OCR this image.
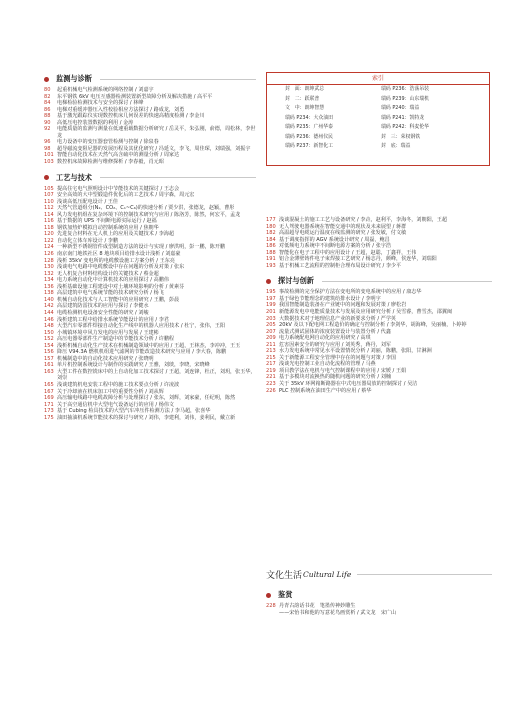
监测与诊断
80	起重机械电气检测系统的网络控制 / 刘嘉宇
82	东平钢铁 6kV 电压互感器检测装置新型故障分析及解决措施 / 高平平
84	电梯检验检测技术与安全的探讨 / 林峰
86	电梯对重缓冲器压入性校验相应方法探讨 / 路成龙，刘勇
88	基于激光跟踪仪实现数控机床几何误差的快速高精度检测 / 李金川
90	高低压电控装置数据的利用 / 金涛
92	电能质量的监测与测量在低速重载数据分析研究 / 岳灵平，朱弘刚，俞德，周松林，李世龙
96	电力设备中的变压器套管检测与控制 / 徐泉春
98	超导磁流变阻尼器的发展历程及其优化研究 / 冯延文，李飞，周佳琛，刘瑞强，刘振宇
101 智能自动化技术在天然气高含硫中的测量分析 / 周家达
103 数控机床故障检测与维修探析 / 李春毅，肖元昭
工艺与技术
105 提高住宅电气照明设计中节能技术的关键探讨 / 王志会
107 安全高效的大中型锻造件优化后的工艺技术 / 周宇森，周元宏
110 浅谈高低压配电设计 / 王佳
112 天然气管道组分(N₂、CO₂、C₁~C₆)的快速分析 / 贾少洪，张德龙，赵颖，曹彤
114 风力发电机组在复杂环境下的控制技术研究与应用 / 陈洛芳，陈然，何宏平，孟龙
116 基于数据的 UPS 不间断电源实际运行 / 赵福
118 钢铁加热炉模拟自动控制系统的应用 / 焦朝华
120 先进复合材料在无人机上的应用及关键技术 / 李海超
122 自动化立体车库设计 / 李鹏
124 一种新型不锈钢管件成型制造方法的设计与实现 / 廖洪明，彭一鹏，陈开鹏
126 南京南门地铁社区 8 地块项目给排水设计浅析 / 刘嘉豪
128 浅析 35kV 变电所的电缆敷设施工方案分析 / 王东亮
130 浅谈电气电路中电缆敷设中存在问题的分析及对策 / 张东
132 无人机复合材料结构设计的关键技术 / 蔡金超
134 电力系统自动化中计算机技术的应用探讨 / 高鹏伟
136 浅析基础设施工程建设中对土壤环境影响的分析 / 黄素芬
138 高层建筑中电气系统节能的技术研究分析 / 杨飞
140 机械自动化技术与人工智能中的应用研究 / 王鹏，彭晨
142 高层建筑防雷技术的应用与探讨 / 李健水
144 电缆检测机电设备安全性能的研究 / 刘峻
146 浅析建筑工程中给排水系统节能设计的应用 / 李君
148 大型汽车零部件焊接自动化生产线中的机器人应用技术 / 杜宁，张伟，王阳
150 小城镇环境中风力发电的应用与发展 / 王建彬
152 高压电器零部件生产制造中的节能技术分析 / 许鹏程
154 浅析机械自动化生产技术在机械制造领域中的应用 / 王超，王林杰，李冲冲，王玉
156 降压 V94.3A 燃机机组进气滤网的节能改造技术研究与应用 / 李大春，陈鹏
157 机械制造中的自动化技术应用研究 / 张晓明
161 单片机控制系统设计与制作的实践研究 / 王雅，刘琰，李晓，宋晓峰
163 大型工件在数控铣床中的上自动化加工技术探讨 / 王超，刘连锋，杜正，刘玥，张玉华，刘崇
165 浅谈建筑机电安装工程中的施工技术要点分析 / 许凌波
167 关于冷却液在机床加工中的重要性分析 / 刘从辉
169 高压输电线路中电缆故障分析与处理探讨 / 张东，刘辉，刘家豪，任纪明，陈然
171 关于高空通信机中大型电气设备运行的应用 / 杨伟文
173 基于 Cubing 检具技术的大型汽车冲压件检测方法 / 李马超，张喜华
175 油田抽油机系统节能技术的探讨与研究 / 刘伟，李建利，刘伟，姜利民，戴立新
索引
封　面：朗坤武总	瑞码 P236：浩荡吊装
封　二：跃联普	瑞码 P239：山东瑞机
文　中：朗坤智慧	瑞码 P240：瑞益
瑞码 P234：大众油田	瑞码 P241：凯特龙
瑞码 P235：广州华泰	瑞码 P242：科麦伦华
瑞码 P236：德州仪民	封　三：荣权钢铁
瑞码 P237：新智化工	封　底：瑞益
177 浅谈混凝土的施工工艺与设备研究 / 李垚，赵利平，李海冬，刘朝阳，王超
180 无人驾驶电器系统在智能交通中的现状及未来展望 / 蒋群
182 高温超导电缆运行温度在线监测的研究 / 张发敏，付文敏
184 基于调度指挥的 AGV 系统设计研究 / 周磊，鲍昌
186 对低频电力系统中不间断电源方案的分析 / 张宇浩
188 智能化在电子工程中的应用设计 / 王超，赵聪，丁鑫祥，王伟
191 铝合金薄壁铸件电子束焊接工艺研究 / 杨志丹，颜峰，侯连华，刘瑞阳
193 基于机械工艺流程的控制柜合理布局设计研究 / 李少平
探讨与创新
195 事故检测的完全保护方法在变电所的变电系统中的应用 / 康志华
197 基于绿色节能理念的建筑给排水设计 / 李明宇
199 我国智能制造装备在产业链中的问题和发展对策 / 廖松岩
201 新能源发电中电能质量技术与发展及应用研究分析 / 吴雪睿，曹雪杰，邵翼闽
203 大数据技术对于地理信息产业的新要求分析 / 严学英
205 20kV 及以下配电网工程造价的确定与控制分析 / 李剑华，胡海峰，吴丽楠，卜婷婷
207 流量式测试固体的浓度装置设计与装置分析 / 代鑫
209 电力系统配电网自动化的应用研究 / 高琪
211 危害因素安全的研究与应用 / 刘英秀，蒋丹，刘军
213 水力发电系统中常见水平设置情况分析 / 刘丽，陈鹏，张阳，甘淋洲
215 关于新能源工程安全管理中存在的问题与对策 / 李国
217 浅谈光电控制工业自动化流程的管理 / 马燕
219 项目教学法在电机与电气控制课程中的应用 / 宋媛 / 王娟
221 基于多模块对流换热的随机问题的研究分析 / 刘楠
223 关于 35kV 环网箱断路器在中式电压器局放的控制探讨 / 吴洁
226 PLC 控制系统在油田生产中的应用 / 蔡华
文化生活 Cultural Life
鉴赏
228 丹青古韵话书花　笔墨传神妙雕生
——宋怡书和他的写意花鸟画赏析 / 武文龙　宋广山
